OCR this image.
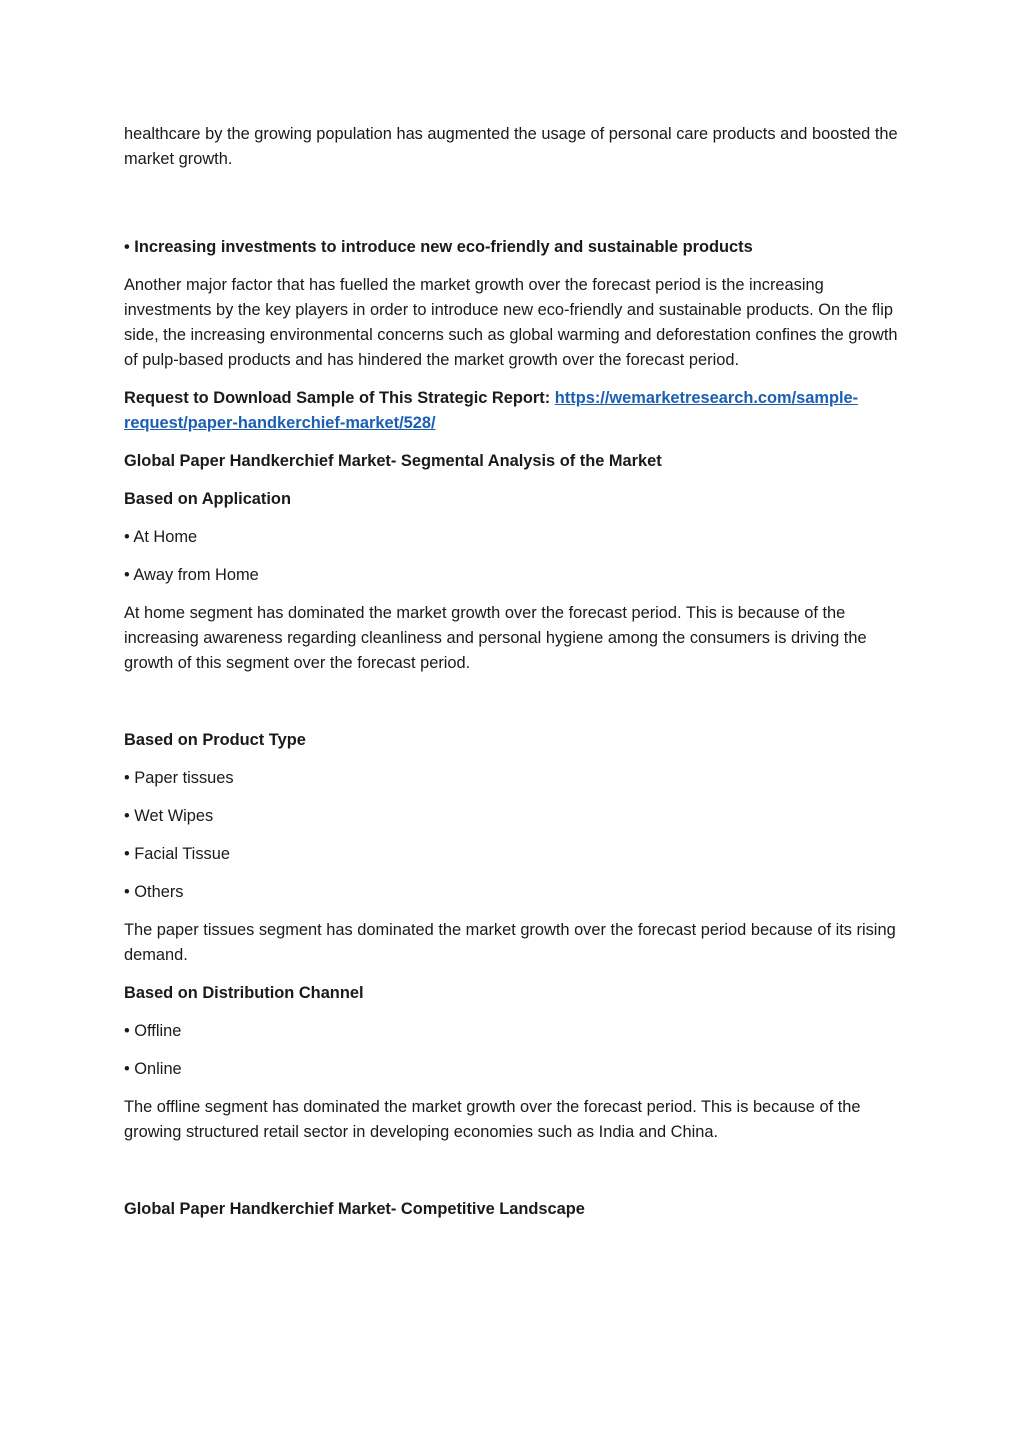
healthcare by the growing population has augmented the usage of personal care products and boosted the market growth.

• Increasing investments to introduce new eco-friendly and sustainable products

Another major factor that has fuelled the market growth over the forecast period is the increasing investments by the key players in order to introduce new eco-friendly and sustainable products. On the flip side, the increasing environmental concerns such as global warming and deforestation confines the growth of pulp-based products and has hindered the market growth over the forecast period.

Request to Download Sample of This Strategic Report: https://wemarketresearch.com/sample-request/paper-handkerchief-market/528/

Global Paper Handkerchief Market- Segmental Analysis of the Market

Based on Application

• At Home

• Away from Home

At home segment has dominated the market growth over the forecast period. This is because of the increasing awareness regarding cleanliness and personal hygiene among the consumers is driving the growth of this segment over the forecast period.

Based on Product Type

• Paper tissues

• Wet Wipes

• Facial Tissue

• Others

The paper tissues segment has dominated the market growth over the forecast period because of its rising demand.

Based on Distribution Channel

• Offline

• Online

The offline segment has dominated the market growth over the forecast period. This is because of the growing structured retail sector in developing economies such as India and China.

Global Paper Handkerchief Market- Competitive Landscape
